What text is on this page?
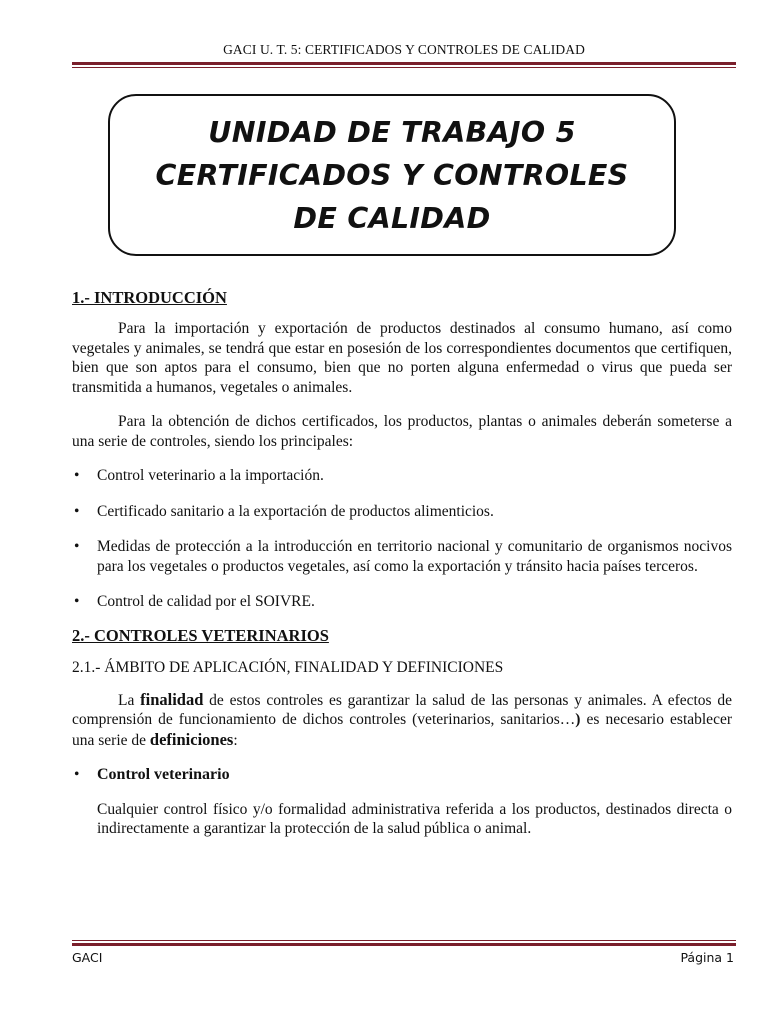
GACI U. T. 5: CERTIFICADOS Y CONTROLES DE CALIDAD
UNIDAD DE TRABAJO 5
CERTIFICADOS Y CONTROLES
DE CALIDAD
1.- INTRODUCCIÓN

Para la importación y exportación de productos destinados al consumo humano, así como vegetales y animales, se tendrá que estar en posesión de los correspondientes documentos que certifiquen, bien que son aptos para el consumo, bien que no porten alguna enfermedad o virus que pueda ser transmitida a humanos, vegetales o animales.

Para la obtención de dichos certificados, los productos, plantas o animales deberán someterse a una serie de controles, siendo los principales:

• Control veterinario a la importación.

• Certificado sanitario a la exportación de productos alimenticios.

• Medidas de protección a la introducción en territorio nacional y comunitario de organismos nocivos para los vegetales o productos vegetales, así como la exportación y tránsito hacia países terceros.

• Control de calidad por el SOIVRE.

2.- CONTROLES VETERINARIOS

2.1.- ÁMBITO DE APLICACIÓN, FINALIDAD Y DEFINICIONES

La finalidad de estos controles es garantizar la salud de las personas y animales. A efectos de comprensión de funcionamiento de dichos controles (veterinarios, sanitarios…) es necesario establecer una serie de definiciones:

• Control veterinario

Cualquier control físico y/o formalidad administrativa referida a los productos, destinados directa o indirectamente a garantizar la protección de la salud pública o animal.

GACI	Página 1
